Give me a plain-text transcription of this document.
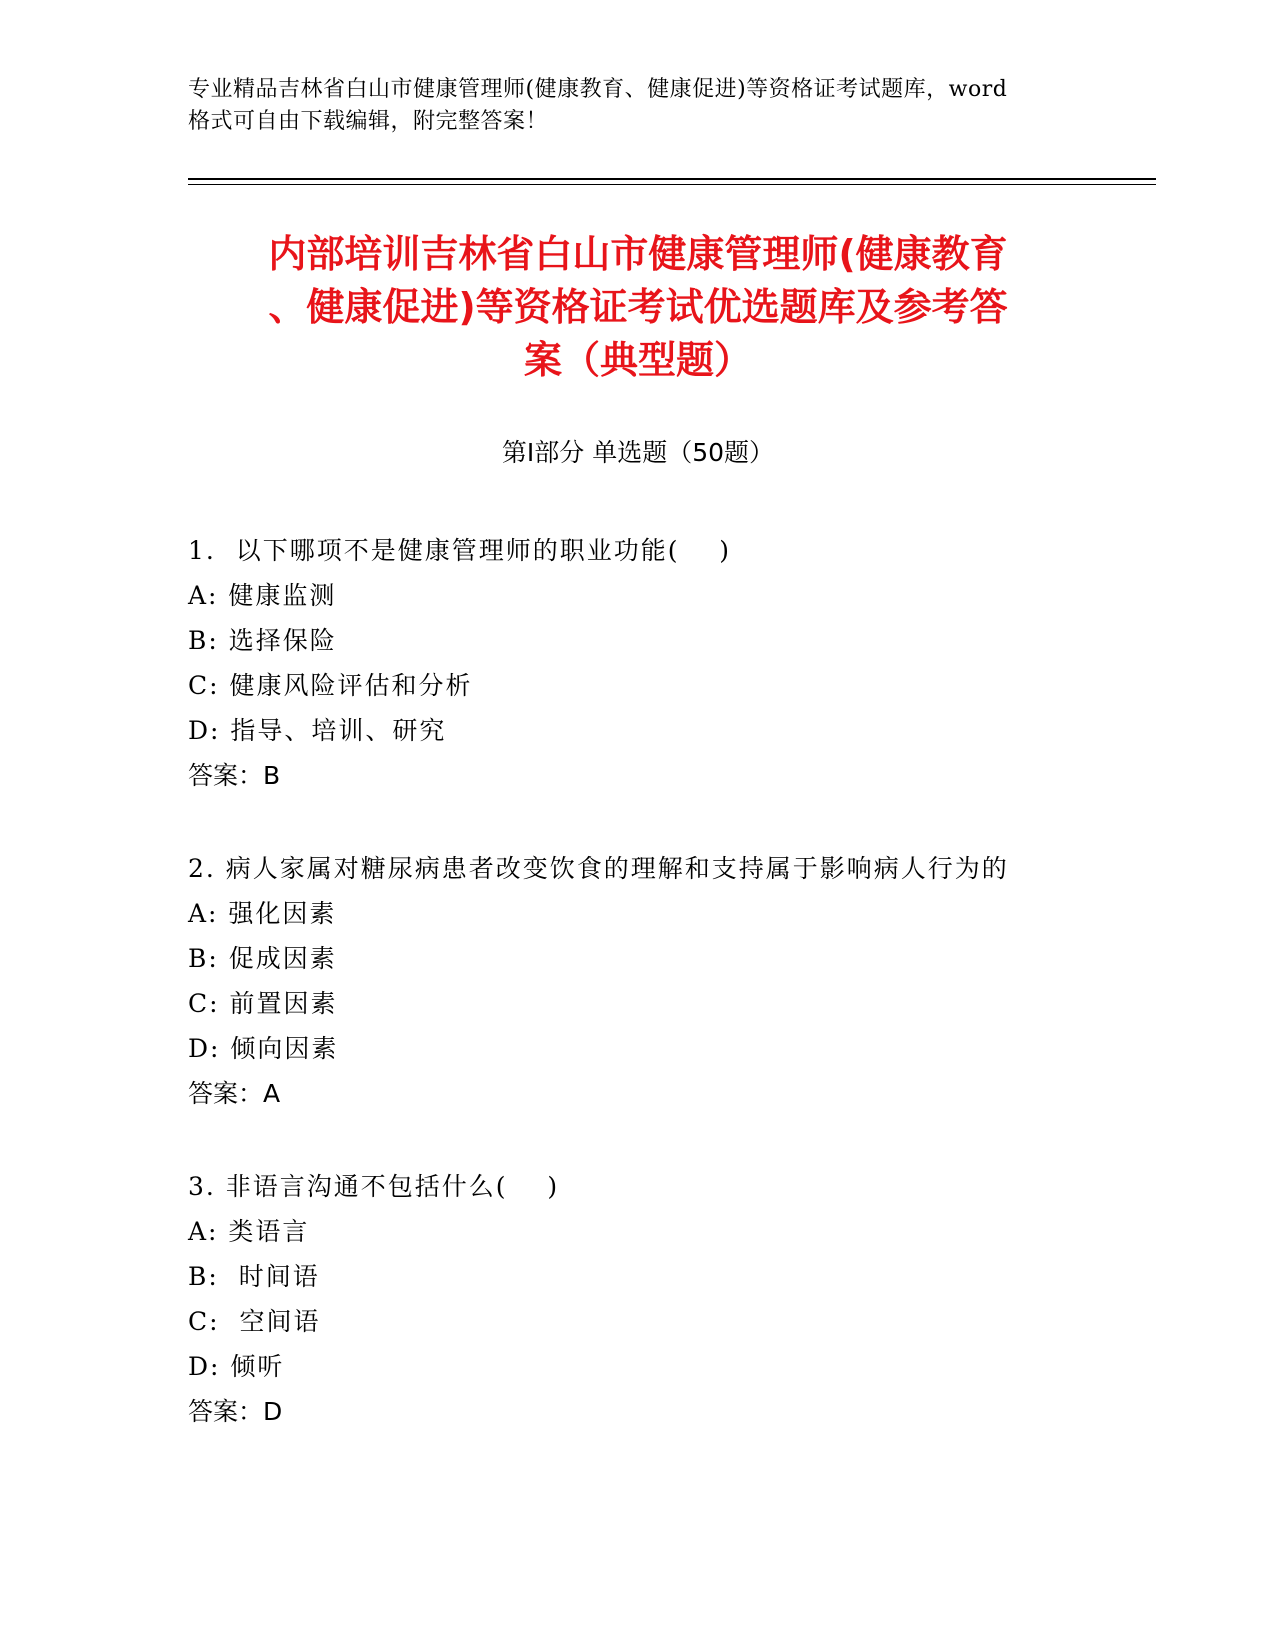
专业精品吉林省白山市健康管理师(健康教育、健康促进)等资格证考试题库，word
格式可自由下载编辑，附完整答案！
内部培训吉林省白山市健康管理师(健康教育
、健康促进)等资格证考试优选题库及参考答
案（典型题）
第Ⅰ部分 单选题（50题）
1.  以下哪项不是健康管理师的职业功能(    )
A: 健康监测
B: 选择保险
C: 健康风险评估和分析
D: 指导、培训、研究
答案：B
2. 病人家属对糖尿病患者改变饮食的理解和支持属于影响病人行为的
A: 强化因素
B: 促成因素
C: 前置因素
D: 倾向因素
答案：A
3. 非语言沟通不包括什么(    )
A: 类语言
B:  时间语
C:  空间语
D: 倾听
答案：D
